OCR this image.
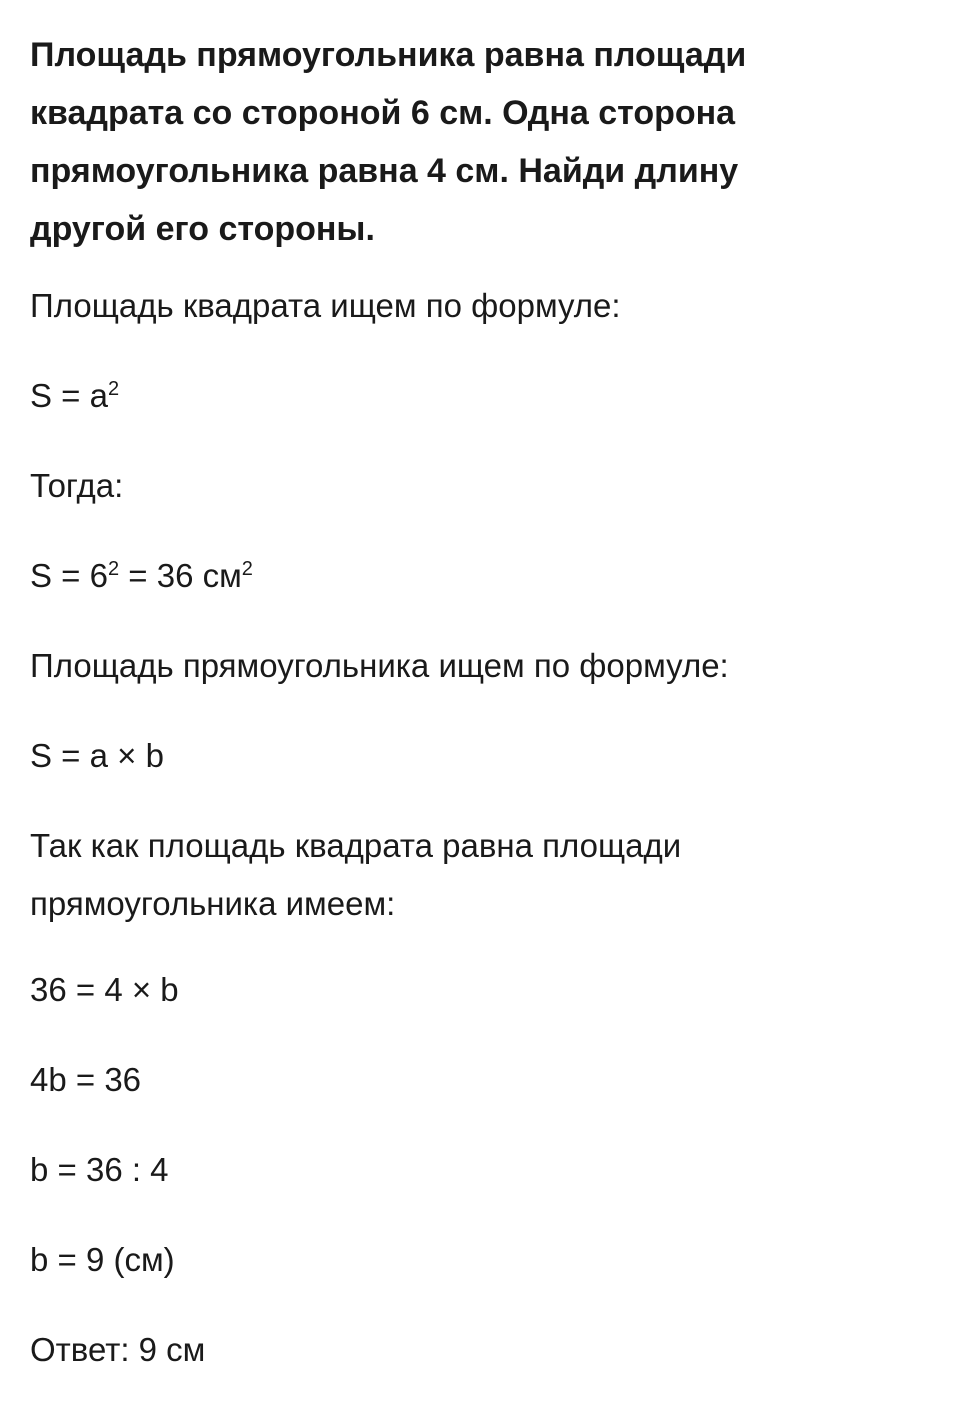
Площадь прямоугольника равна площади
квадрата со стороной 6 см. Одна сторона
прямоугольника равна 4 см. Найди длину
другой его стороны.

Площадь квадрата ищем по формуле:

$S = a^2$

Тогда:

$S = 6^2 = 36$ $см^2$

Площадь прямоугольника ищем по формуле:

S = a × b

Так как площадь квадрата равна площади
прямоугольника имеем:

36 = 4 × b

4b = 36

b = 36 : 4

b = 9 (см)

Ответ: 9 см
